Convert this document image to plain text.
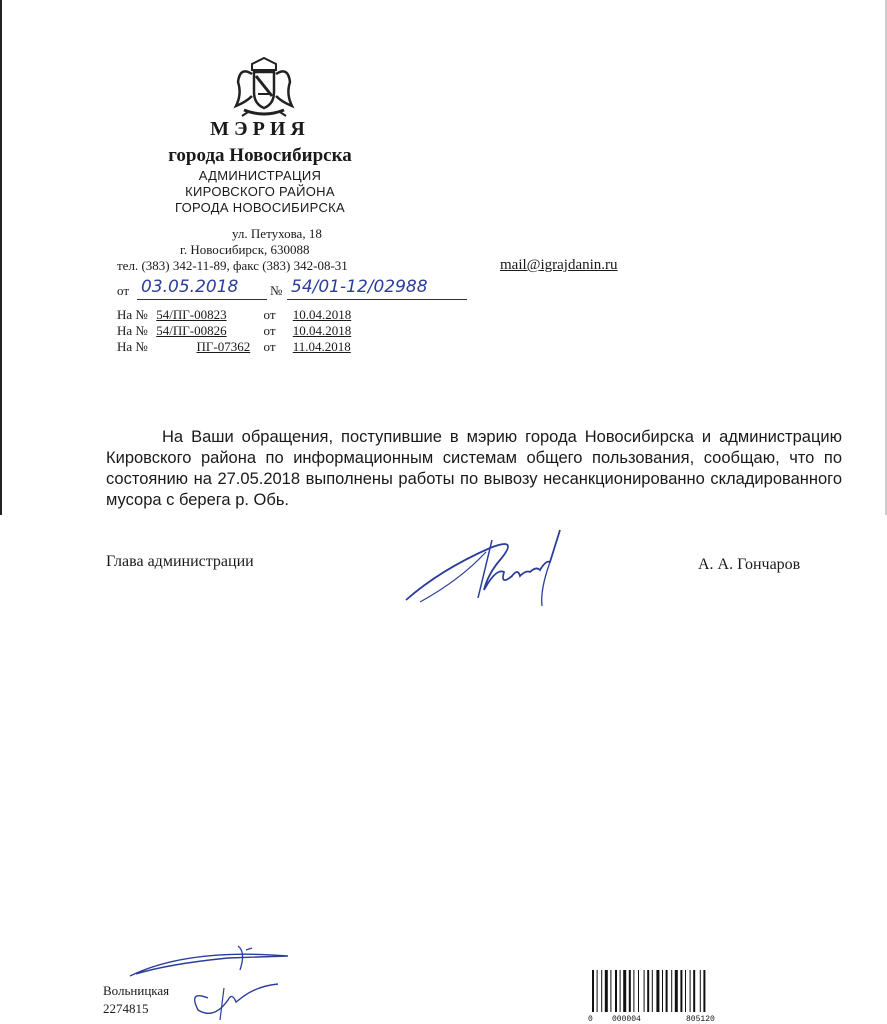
МЭРИЯ
города Новосибирска
АДМИНИСТРАЦИЯ
КИРОВСКОГО РАЙОНА
ГОРОДА НОВОСИБИРСКА
ул. Петухова, 18
г. Новосибирск, 630088
тел. (383) 342-11-89, факс (383) 342-08-31	mail@igrajdanin.ru
от 03.05.2018 № 54/01-12/02988
На № 54/ПГ-00823	от 10.04.2018
На № 54/ПГ-00826	от 10.04.2018
На №	ПГ-07362 от 11.04.2018

На Ваши обращения, поступившие в мэрию города Новосибирска и администрацию Кировского района по информационным системам общего пользования, сообщаю, что по состоянию на 27.05.2018 выполнены работы по вывозу несанкционированно складированного мусора с берега р. Обь.

Глава администрации	А. А. Гончаров
Вольницкая
2274815
0 000004	805120
